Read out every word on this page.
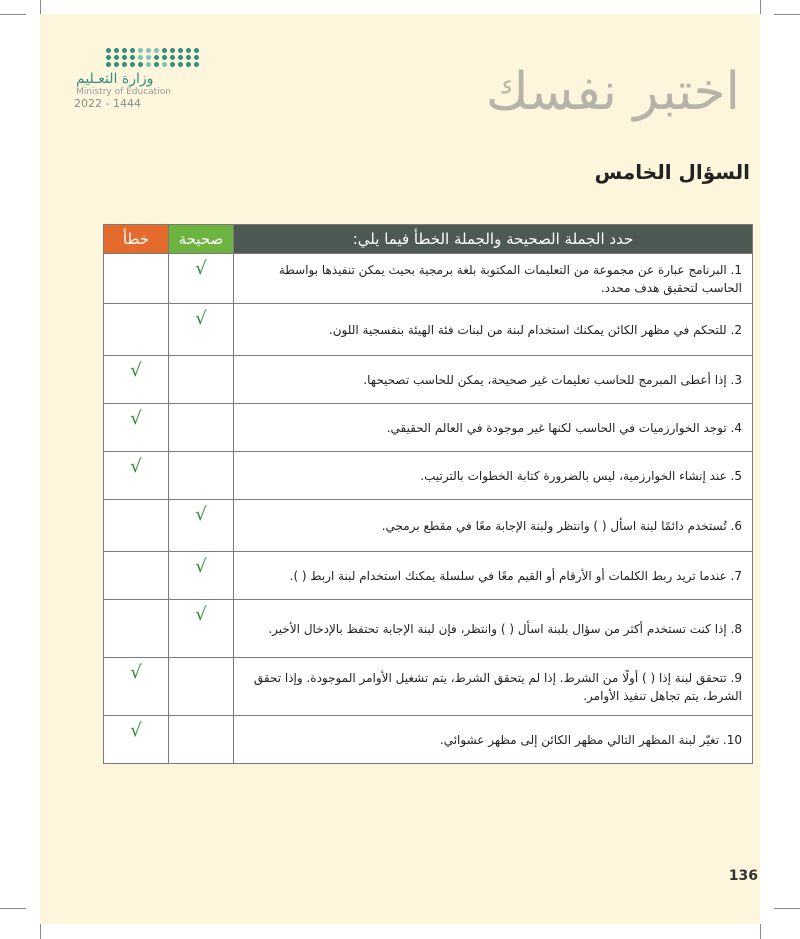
وزارة التعـليم
Ministry of Education
2022 - 1444	اختبر نفسك
السؤال الخامس
حدد الجملة الصحيحة والجملة الخطأ فيما يلي:	صحيحة	خطأ
1. البرنامج عبارة عن مجموعة من التعليمات المكتوبة بلغة برمجية بحيث يمكن تنفيذها بواسطة الحاسب لتحقيق هدف محدد.	√	
2. للتحكم في مظهر الكائن يمكنك استخدام لبنة من لبنات فئة الهيئة بنفسجية اللون.	√	
3. إذا أعطى المبرمج للحاسب تعليمات غير صحيحة، يمكن للحاسب تصحيحها.		√
4. توجد الخوارزميات في الحاسب لكنها غير موجودة في العالم الحقيقي.		√
5. عند إنشاء الخوارزمية، ليس بالضرورة كتابة الخطوات بالترتيب.		√
6. تُستخدم دائمًا لبنة اسأل ( ) وانتظر ولبنة الإجابة معًا في مقطع برمجي.	√	
7. عندما تريد ربط الكلمات أو الأرقام أو القيم معًا في سلسلة يمكنك استخدام لبنة اربط ( ).	√	
8. إذا كنت تستخدم أكثر من سؤال بلبنة اسأل ( ) وانتظر، فإن لبنة الإجابة تحتفظ بالإدخال الأخير.	√	
9. تتحقق لبنة إذا ( ) أولًا من الشرط. إذا لم يتحقق الشرط، يتم تشغيل الأوامر الموجودة. وإذا تحقق الشرط، يتم تجاهل تنفيذ الأوامر.		√
10. تغيّر لبنة المظهر التالي مظهر الكائن إلى مظهر عشوائي.		√
136
